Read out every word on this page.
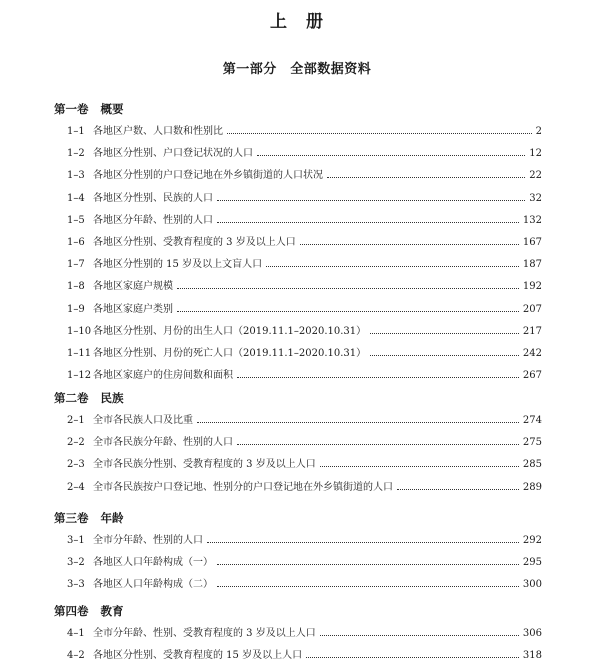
上　册
第一部分　全部数据资料
第一卷 概要
1–1 各地区户数、人口数和性别比	2
1–2 各地区分性别、户口登记状况的人口	12
1–3 各地区分性别的户口登记地在外乡镇街道的人口状况	22
1–4 各地区分性别、民族的人口	32
1–5 各地区分年龄、性别的人口	132
1–6 各地区分性别、受教育程度的 3 岁及以上人口	167
1–7 各地区分性别的 15 岁及以上文盲人口	187
1–8 各地区家庭户规模	192
1–9 各地区家庭户类别	207
1–10 各地区分性别、月份的出生人口（2019.11.1–2020.10.31）	217
1–11 各地区分性别、月份的死亡人口（2019.11.1–2020.10.31）	242
1–12 各地区家庭户的住房间数和面积	267
第二卷 民族
2–1 全市各民族人口及比重	274
2–2 全市各民族分年龄、性别的人口	275
2–3 全市各民族分性别、受教育程度的 3 岁及以上人口	285
2–4 全市各民族按户口登记地、性别分的户口登记地在外乡镇街道的人口	289
第三卷 年龄
3–1 全市分年龄、性别的人口	292
3–2 各地区人口年龄构成（一）	295
3–3 各地区人口年龄构成（二）	300
第四卷 教育
4–1 全市分年龄、性别、受教育程度的 3 岁及以上人口	306
4–2 各地区分性别、受教育程度的 15 岁及以上人口	318
